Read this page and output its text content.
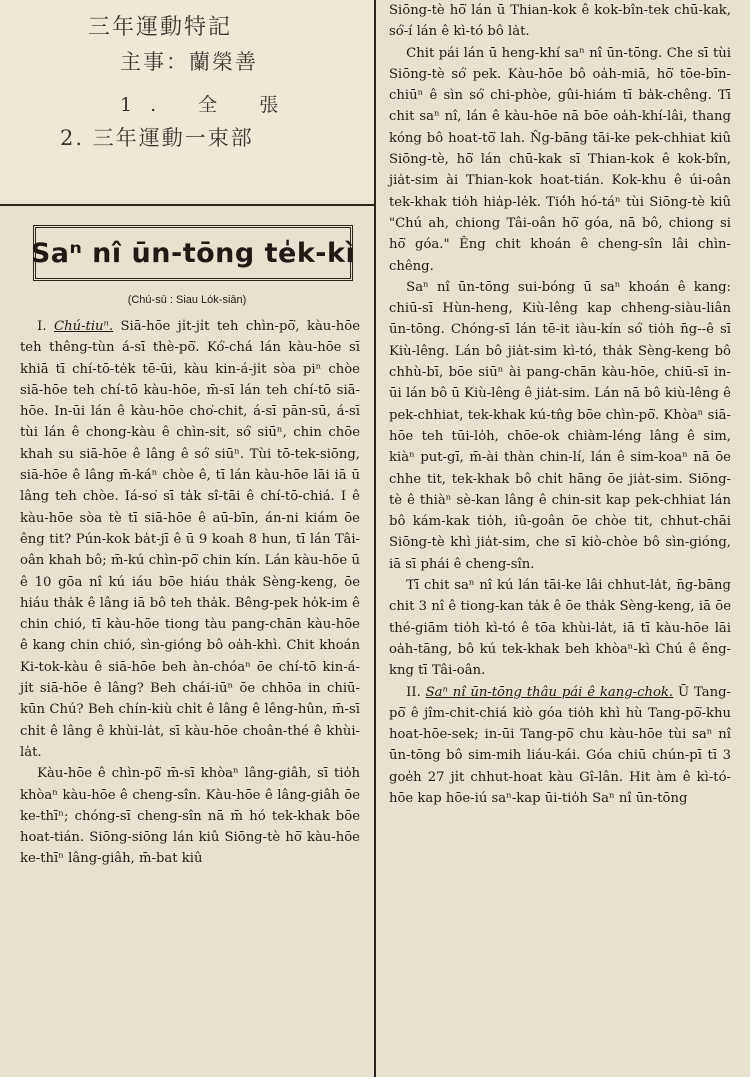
三年運動特記
主事：蘭榮善
1. 全 張
2. 三年運動一束部
Saⁿ nî ūn-tōng te̍k-kì
(Chú-sū : Siau Lo̍k-siān)

I. Chú-tiuⁿ. Siā-hōe ji̍t-ji̍t teh chìn-pō͘, kàu-hōe teh thêng-tùn á-sī thè-pō͘. Kó͘-chá lán kàu-hōe sī khiā tī chí-tō-te̍k tē-ūi, kàu kin-á-ji̍t sòa piⁿ chòe siā-hōe teh chí-tō kàu-hōe, m̄-sī lán teh chí-tō siā-hōe. In-ūi lán ê kàu-hōe cho͘-chit, á-sī pān-sū, á-sī tùi lán ê chong-kàu ê chìn-si̍t, só͘ siūⁿ, chin chōe khah su siā-hōe ê lâng ê só͘ siūⁿ. Tùi tō-tek-siōng, siā-hōe ê lâng m̄-káⁿ chòe ê, tī lán kàu-hōe lāi iā ū lâng teh chòe. Iá-so͘ sī ta̍k sî-tāi ê chí-tō-chiá. I ê kàu-hōe sòa tè tī siā-hōe ê aū-bīn, án-ni kiám ōe êng tit? Pún-kok ba̍t-jī ê ū 9 koah 8 hun, tī lán Tâi-oân khah bô; m̄-kú chìn-pō͘ chin kín. Lán kàu-hōe ū ê 10 gōa nî kú iáu bōe hiáu tha̍k Sèng-keng, ōe hiáu tha̍k ê lâng iā bô teh tha̍k. Bêng-pek ho̍k-im ê chin chió, tī kàu-hōe tiong tàu pang-chān kàu-hōe ê kang chin chió, sìn-gióng bô oa̍h-khì. Chit khoán Ki-tok-kàu ê siā-hōe beh àn-chóaⁿ ōe chí-tō kin-á-ji̍t siā-hōe ê lâng? Beh chái-iūⁿ ōe chhōa in chiū-kūn Chú? Beh chín-kiù chi̍t ê lâng ê lêng-hûn, m̄-sī chi̍t ê lâng ê khùi-la̍t, sī kàu-hōe choân-thé ê khùi-la̍t.

Kàu-hōe ê chìn-pō͘ m̄-sī khòaⁿ lâng-giâh, sī tio̍h khòaⁿ kàu-hōe ê cheng-sîn. Kàu-hōe ê lâng-giâh ōe ke-thīⁿ; chóng-sī cheng-sîn nā m̄ hó tek-khak bōe hoat-tián. Siōng-siōng lán kiû Siōng-tè hō͘ kàu-hōe ke-thīⁿ lâng-giâh, m̄-bat kiû

Siōng-tè hō͘ lán ū Thian-kok ê kok-bîn-tek chū-kak, só͘-í lán ê kì-tó bô la̍t.

Chit pái lán ū heng-khí saⁿ nî ūn-tōng. Che sī tùi Siōng-tè só͘ pek. Kàu-hōe bô oa̍h-miā, hō͘ tōe-bīn-chiūⁿ ê sìn só͘ chi-phòe, gûi-hiám tī ba̍k-chêng. Tī chit saⁿ nî, lán ê kàu-hōe nā bōe oa̍h-khí-lâi, thang kóng bô hoat-tō͘ lah. N̂g-bāng tāi-ke pek-chhiat kiû Siōng-tè, hō͘ lán chū-kak sī Thian-kok ê kok-bîn, jia̍t-sim ài Thian-kok hoat-tián. Kok-khu ê úi-oân tek-khak tio̍h hia̍p-le̍k. Tió̍h hó-táⁿ tùi Siōng-tè kiû "Chú ah, chiong Tâi-oân hō͘ góa, nā bô, chiong si hō͘ góa." Êng chit khoán ê cheng-sîn lâi chìn-chêng.

Saⁿ nî ūn-tōng sui-bóng ū saⁿ khoán ê kang: chiū-sī Hùn-heng, Kiù-lêng kap chheng-siàu-liân ūn-tōng. Chóng-sī lán tē-it iàu-kín só͘ tio̍h n̄g--ê sī Kiù-lêng. Lán bô jia̍t-sim kì-tó, tha̍k Sèng-keng bô chhù-bī, bōe siūⁿ ài pang-chān kàu-hōe, chiū-sī in-ūi lán bô ū Kiù-lêng ê jia̍t-sim. Lán nā bô kiù-lêng ê pek-chhiat, tek-khak kú-tn̂g bōe chìn-pō͘. Khòaⁿ siā-hōe teh tūi-lo̍h, chōe-ok chiàm-léng lâng ê sim, kiàⁿ put-gī, m̄-ài thàn chin-lí, lán ê sim-koaⁿ nā ōe chhe tit, tek-khak bô chi̍t hāng ōe jia̍t-sim. Siōng-tè ê thiàⁿ sè-kan lâng ê chin-sit kap pek-chhiat lán bô kám-kak tio̍h, iû-goân ōe chòe tit, chhut-chāi Siōng-tè khì jia̍t-sim, che sī kiò-chòe bô sìn-gióng, iā sī phái ê cheng-sîn.

Tī chit saⁿ nî kú lán tāi-ke lâi chhut-la̍t, n̄g-bāng chit 3 nî ê tiong-kan ta̍k ê ōe tha̍k Sèng-keng, iā ōe thé-giām tio̍h kì-tó ê tōa khùi-la̍t, iā tī kàu-hōe lāi oa̍h-tāng, bô kú tek-khak beh khòaⁿ-kì Chú ê êng-kng tī Tâi-oân.

II. Saⁿ nî ūn-tōng thâu pái ê kang-chok. Ū Tang-pō͘ ê jîm-chit-chiá kiò góa tio̍h khì hù Tang-pō͘-khu hoat-hōe-sek; in-ūi Tang-pō͘ chu kàu-hōe tùi saⁿ nî ūn-tōng bô sim-mih liáu-kái. Góa chiū chún-pī tī 3 goe̍h 27 ji̍t chhut-hoat kàu Gî-lân. Hit àm ê kì-tó-hōe kap hōe-iú saⁿ-kap ūi-tio̍h Saⁿ nî ūn-tōng
